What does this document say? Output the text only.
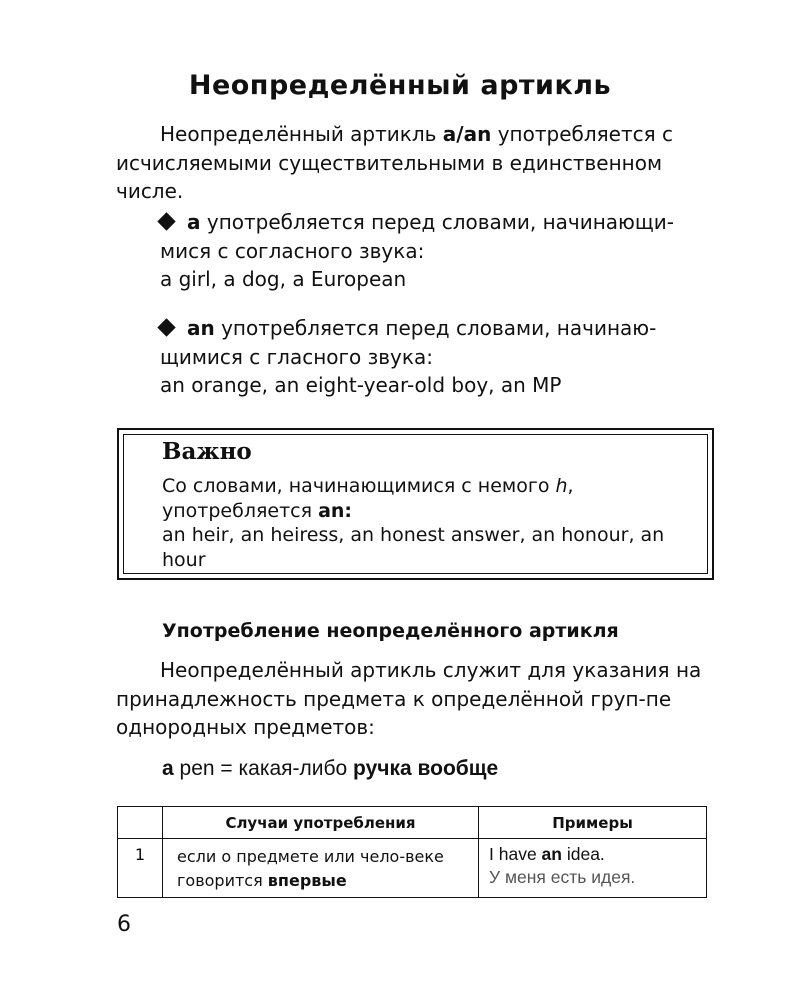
Неопределённый артикль
Неопределённый артикль a/an употребляется с исчисляемыми существительными в единственном числе.
a употребляется перед словами, начинающи-мися с согласного звука:
a girl, a dog, a European
an употребляется перед словами, начинаю-щимися с гласного звука:
an orange, an eight-year-old boy, an MP
Важно
Со словами, начинающимися с немого h,
употребляется an:
an heir, an heiress, an honest answer, an honour, an hour
Употребление неопределённого артикля
Неопределённый артикль служит для указания на принадлежность предмета к определённой груп-пе однородных предметов:
a pen = какая-либо ручка вообще
	Случаи употребления	Примеры
1	если о предмете или чело-веке говорится впервые	I have an idea.
У меня есть идея.
6
